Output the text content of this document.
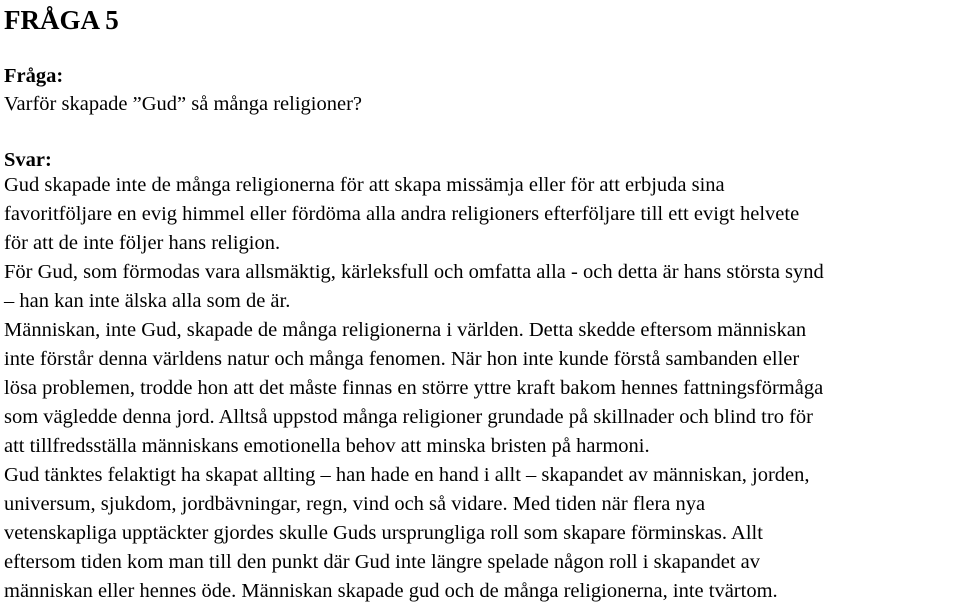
FRÅGA 5
Fråga:

Varför skapade ”Gud” så många religioner?

Svar:
Gud skapade inte de många religionerna för att skapa missämja eller för att erbjuda sina
favoritföljare en evig himmel eller fördöma alla andra religioners efterföljare till ett evigt helvete
för att de inte följer hans religion.
För Gud, som förmodas vara allsmäktig, kärleksfull och omfatta alla - och detta är hans största synd
– han kan inte älska alla som de är.
Människan, inte Gud, skapade de många religionerna i världen. Detta skedde eftersom människan
inte förstår denna världens natur och många fenomen. När hon inte kunde förstå sambanden eller
lösa problemen, trodde hon att det måste finnas en större yttre kraft bakom hennes fattningsförmåga
som vägledde denna jord. Alltså uppstod många religioner grundade på skillnader och blind tro för
att tillfredsställa människans emotionella behov att minska bristen på harmoni.
Gud tänktes felaktigt ha skapat allting – han hade en hand i allt – skapandet av människan, jorden,
universum, sjukdom, jordbävningar, regn, vind och så vidare. Med tiden när flera nya
vetenskapliga upptäckter gjordes skulle Guds ursprungliga roll som skapare förminskas. Allt
eftersom tiden kom man till den punkt där Gud inte längre spelade någon roll i skapandet av
människan eller hennes öde. Människan skapade gud och de många religionerna, inte tvärtom.
